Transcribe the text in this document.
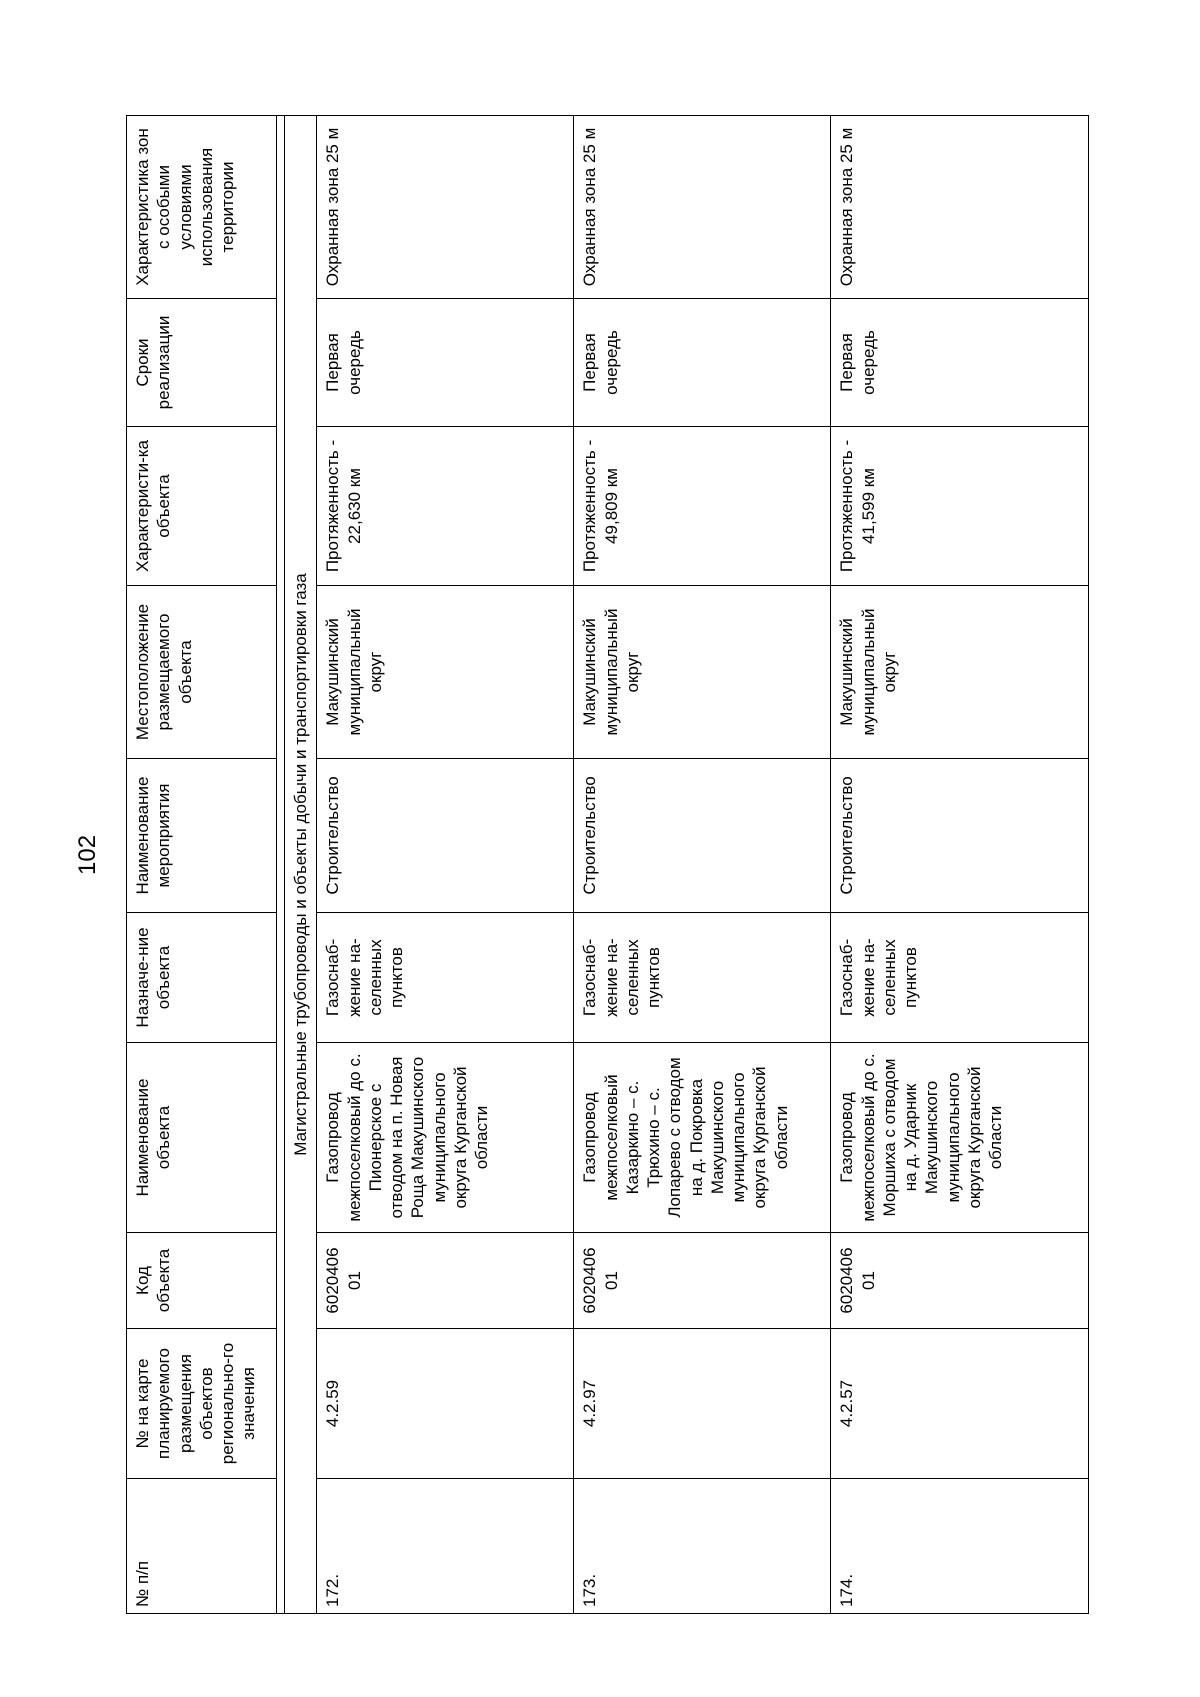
102
№ п/п	№ на карте планируемого размещения объектов регионально-го значения	Код объекта	Наименование объекта	Назначе-ние объекта	Наименование мероприятия	Местоположение размещаемого объекта	Характеристи-ка объекта	Сроки реализации	Характеристика зон с особыми условиями использования территории

Магистральные трубопроводы и объекты добычи и транспортировки газа									
172.	4.2.59	6020406 01	Газопровод межпоселковый до с. Пионерское с отводом на п. Новая Роща Макушинского муниципального округа Курганской области	Газоснаб-жение на-селенных пунктов	Строительство	Макушинский муниципальный округ	Протяженность - 22,630 км	Первая очередь	Охранная зона 25 м
173.	4.2.97	6020406 01	Газопровод межпоселковый Казаркино – с. Трюхино – с. Лопарево с отводом на д. Покровка Макушинского муниципального округа Курганской области	Газоснаб-жение на-селенных пунктов	Строительство	Макушинский муниципальный округ	Протяженность - 49,809 км	Первая очередь	Охранная зона 25 м
174.	4.2.57	6020406 01	Газопровод межпоселковый до с. Моршиха с отводом на д. Ударник Макушинского муниципального округа Курганской области	Газоснаб-жение на-селенных пунктов	Строительство	Макушинский муниципальный округ	Протяженность - 41,599 км	Первая очередь	Охранная зона 25 м
